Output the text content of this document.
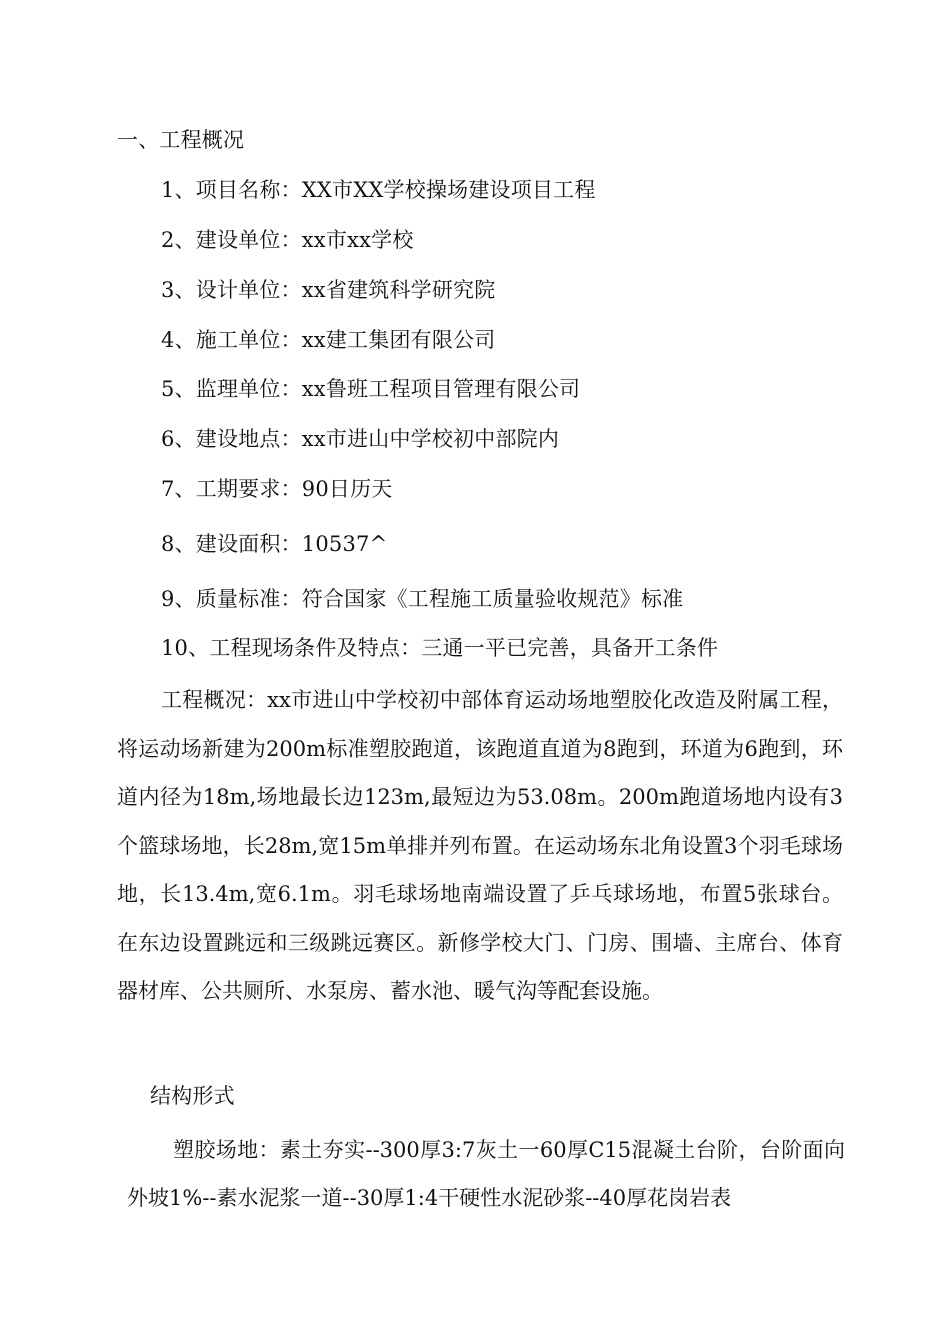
一、工程概况
1、项目名称：XX市XX学校操场建设项目工程
2、建设单位：xx市xx学校
3、设计单位：xx省建筑科学研究院
4、施工单位：xx建工集团有限公司
5、监理单位：xx鲁班工程项目管理有限公司
6、建设地点：xx市进山中学校初中部院内
7、工期要求：90日历天
8、建设面积：10537^
9、质量标准：符合国家《工程施工质量验收规范》标准
10、工程现场条件及特点：三通一平已完善，具备开工条件
工程概况：xx市进山中学校初中部体育运动场地塑胶化改造及附属工程，将运动场新建为200m标准塑胶跑道，该跑道直道为8跑到，环道为6跑到，环道内径为18m,场地最长边123m,最短边为53.08m。200m跑道场地内设有3个篮球场地，长28m,宽15m单排并列布置。在运动场东北角设置3个羽毛球场地，长13.4m,宽6.1m。羽毛球场地南端设置了乒乓球场地，布置5张球台。在东边设置跳远和三级跳远赛区。新修学校大门、门房、围墙、主席台、体育器材库、公共厕所、水泵房、蓄水池、暖气沟等配套设施。
结构形式
塑胶场地：素土夯实--300厚3:7灰土一60厚C15混凝土台阶，台阶面向外坡1%--素水泥浆一道--30厚1:4干硬性水泥砂浆--40厚花岗岩表
